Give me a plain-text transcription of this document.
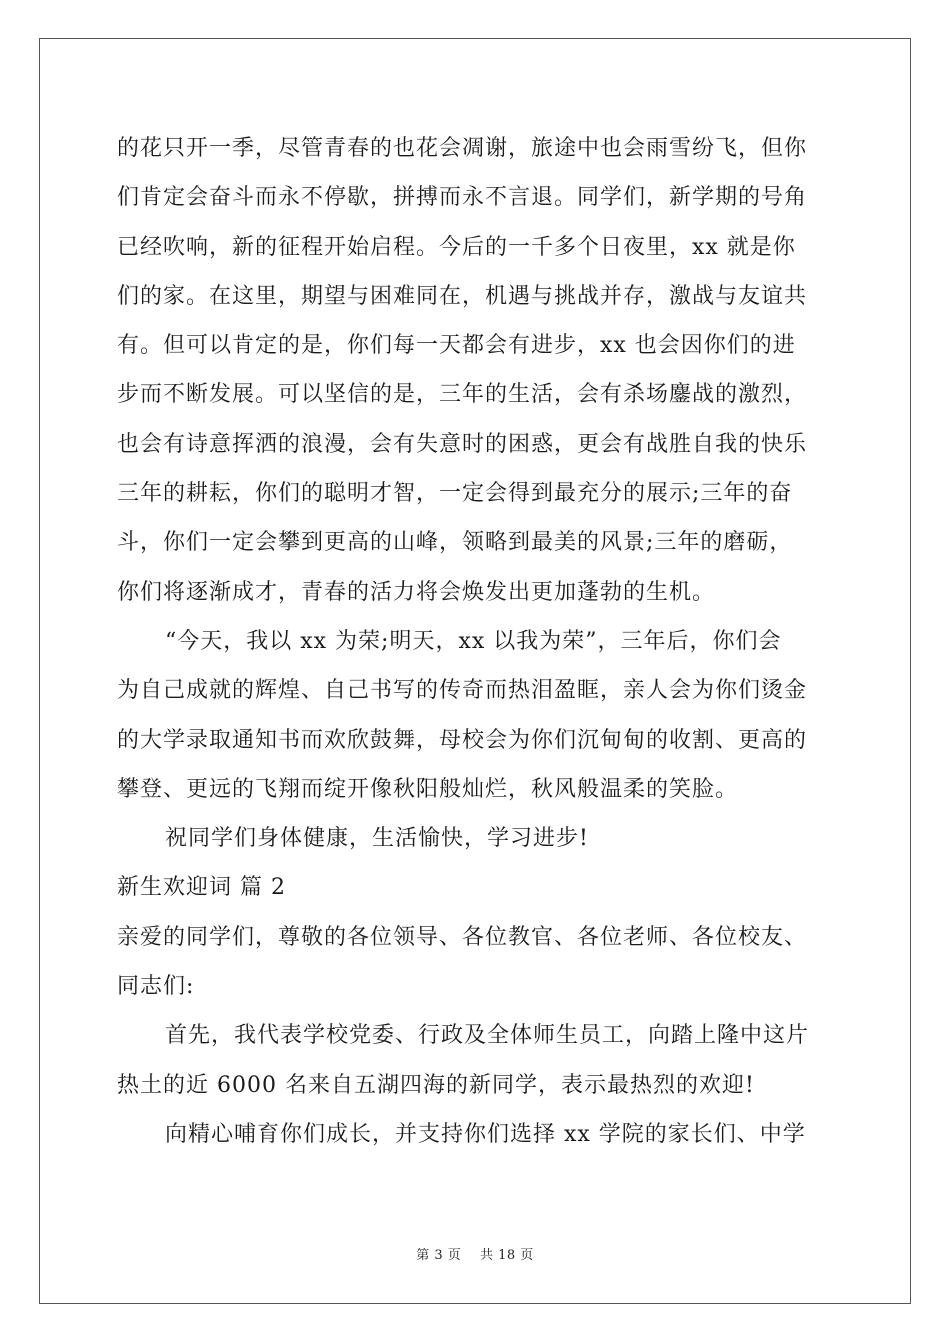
的花只开一季，尽管青春的也花会凋谢，旅途中也会雨雪纷飞，但你
们肯定会奋斗而永不停歇，拼搏而永不言退。同学们，新学期的号角
已经吹响，新的征程开始启程。今后的一千多个日夜里，xx 就是你
们的家。在这里，期望与困难同在，机遇与挑战并存，激战与友谊共
有。但可以肯定的是，你们每一天都会有进步，xx 也会因你们的进
步而不断发展。可以坚信的是，三年的生活，会有杀场鏖战的激烈，
也会有诗意挥洒的浪漫，会有失意时的困惑，更会有战胜自我的快乐
三年的耕耘，你们的聪明才智，一定会得到最充分的展示;三年的奋
斗，你们一定会攀到更高的山峰，领略到最美的风景;三年的磨砺，
你们将逐渐成才，青春的活力将会焕发出更加蓬勃的生机。
“今天，我以 xx 为荣;明天，xx 以我为荣”，三年后，你们会
为自己成就的辉煌、自己书写的传奇而热泪盈眶，亲人会为你们烫金
的大学录取通知书而欢欣鼓舞，母校会为你们沉甸甸的收割、更高的
攀登、更远的飞翔而绽开像秋阳般灿烂，秋风般温柔的笑脸。
祝同学们身体健康，生活愉快，学习进步!
新生欢迎词 篇 2
亲爱的同学们，尊敬的各位领导、各位教官、各位老师、各位校友、
同志们:
首先，我代表学校党委、行政及全体师生员工，向踏上隆中这片
热土的近 6000 名来自五湖四海的新同学，表示最热烈的欢迎!
向精心哺育你们成长，并支持你们选择 xx 学院的家长们、中学
第 3 页 共 18 页
